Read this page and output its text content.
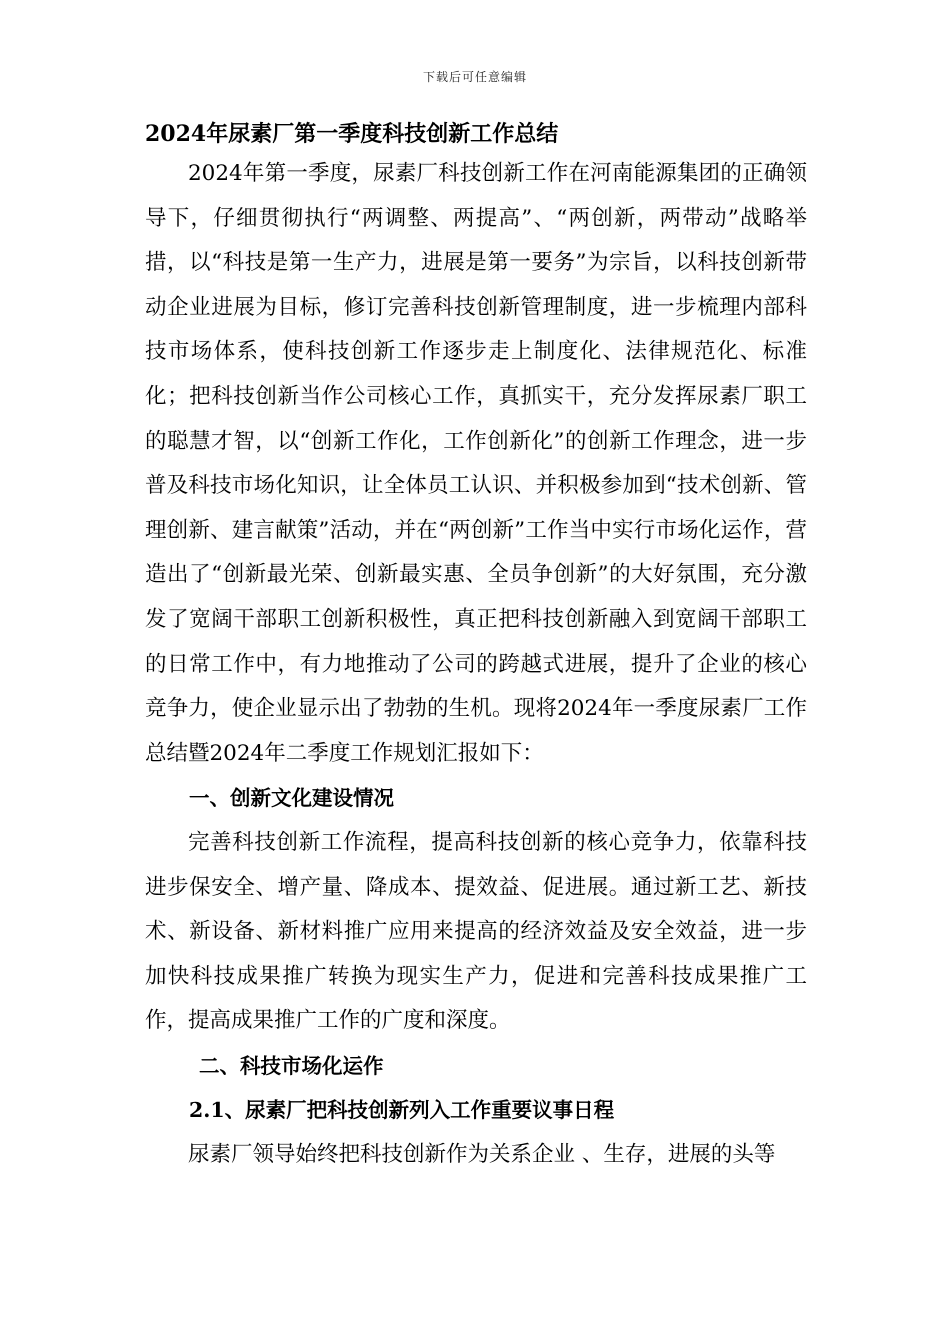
下载后可任意编辑
2024年尿素厂第一季度科技创新工作总结

2024年第一季度，尿素厂科技创新工作在河南能源集团的正确领导下，仔细贯彻执行“两调整、两提高”、“两创新，两带动”战略举措，以“科技是第一生产力，进展是第一要务”为宗旨，以科技创新带动企业进展为目标，修订完善科技创新管理制度，进一步梳理内部科技市场体系，使科技创新工作逐步走上制度化、法律规范化、标准化；把科技创新当作公司核心工作，真抓实干，充分发挥尿素厂职工的聪慧才智，以“创新工作化，工作创新化”的创新工作理念，进一步普及科技市场化知识，让全体员工认识、并积极参加到“技术创新、管理创新、建言献策”活动，并在“两创新”工作当中实行市场化运作，营造出了“创新最光荣、创新最实惠、全员争创新”的大好氛围，充分激发了宽阔干部职工创新积极性，真正把科技创新融入到宽阔干部职工的日常工作中，有力地推动了公司的跨越式进展，提升了企业的核心竞争力，使企业显示出了勃勃的生机。现将2024年一季度尿素厂工作总结暨2024年二季度工作规划汇报如下：

一、创新文化建设情况

完善科技创新工作流程，提高科技创新的核心竞争力，依靠科技进步保安全、增产量、降成本、提效益、促进展。通过新工艺、新技术、新设备、新材料推广应用来提高的经济效益及安全效益，进一步加快科技成果推广转换为现实生产力，促进和完善科技成果推广工作，提高成果推广工作的广度和深度。

二、科技市场化运作
2.1、尿素厂把科技创新列入工作重要议事日程

尿素厂领导始终把科技创新作为关系企业 、生存，进展的头等
